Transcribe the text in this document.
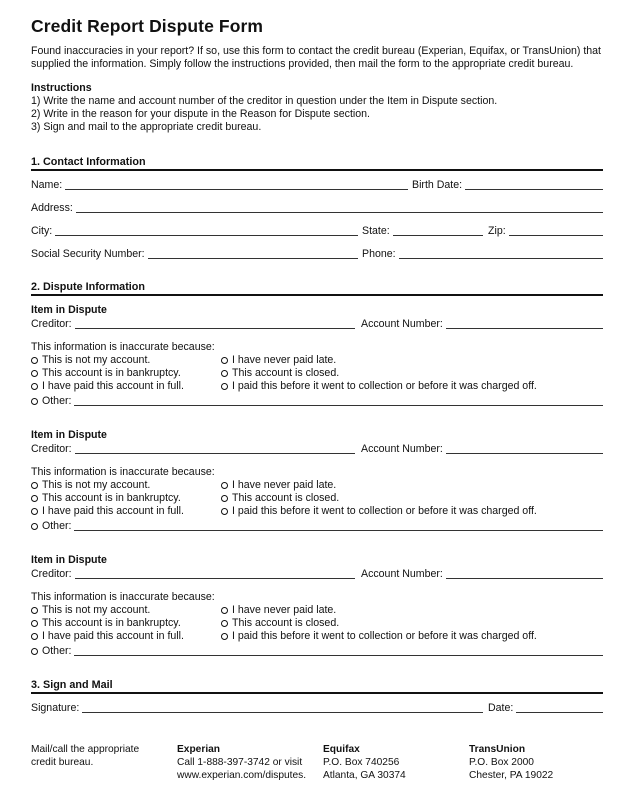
Credit Report Dispute Form
Found inaccuracies in your report? If so, use this form to contact the credit bureau (Experian, Equifax, or TransUnion) that supplied the information. Simply follow the instructions provided, then mail the form to the appropriate credit bureau.
Instructions
1) Write the name and account number of the creditor in question under the Item in Dispute section.
2) Write in the reason for your dispute in the Reason for Dispute section.
3) Sign and mail to the appropriate credit bureau.
1. Contact Information
Name:	Birth Date:
Address:
City:	State:	Zip:
Social Security Number:	Phone:
2. Dispute Information
Item in Dispute
Creditor:	Account Number:
This information is inaccurate because:
This is not my account.
This account is in bankruptcy.
I have paid this account in full.
I have never paid late.
This account is closed.
I paid this before it went to collection or before it was charged off.
Other:
Item in Dispute
Creditor:	Account Number:
This information is inaccurate because:
This is not my account.
This account is in bankruptcy.
I have paid this account in full.
I have never paid late.
This account is closed.
I paid this before it went to collection or before it was charged off.
Other:
Item in Dispute
Creditor:	Account Number:
This information is inaccurate because:
This is not my account.
This account is in bankruptcy.
I have paid this account in full.
I have never paid late.
This account is closed.
I paid this before it went to collection or before it was charged off.
Other:
3. Sign and Mail
Signature:	Date:
Mail/call the appropriate
credit bureau.
Experian
Call 1-888-397-3742 or visit
www.experian.com/disputes.
Equifax
P.O. Box 740256
Atlanta, GA 30374
TransUnion
P.O. Box 2000
Chester, PA 19022
